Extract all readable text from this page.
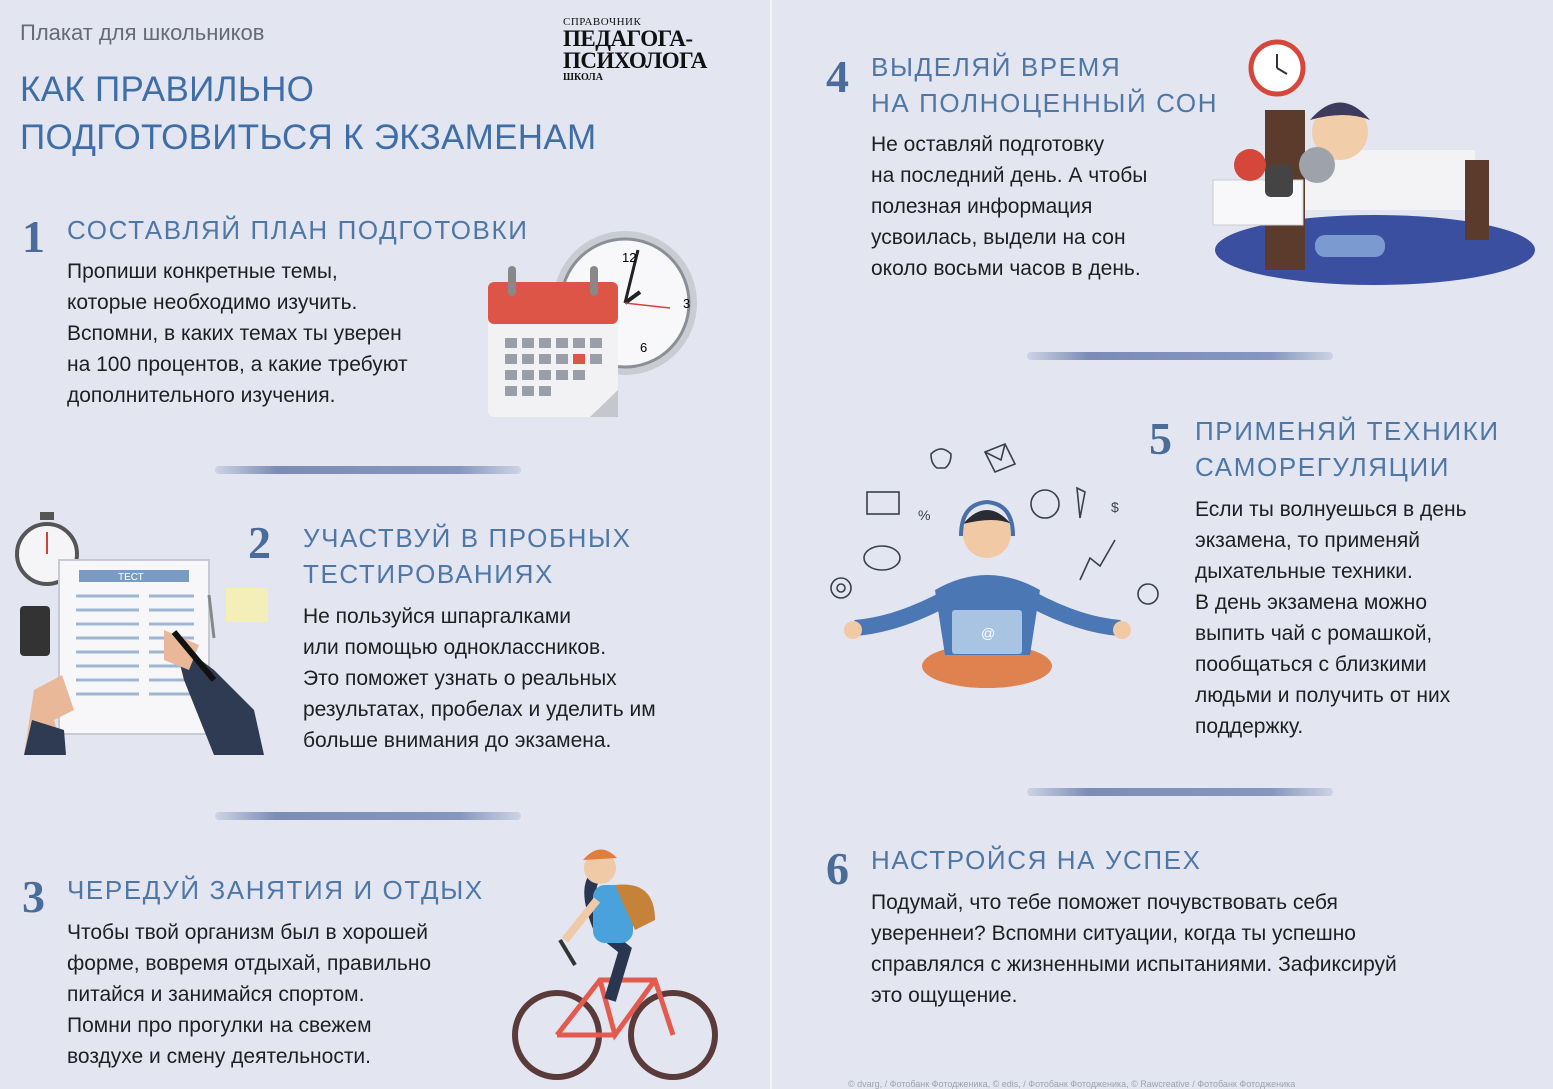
Плакат для школьников
КАК ПРАВИЛЬНО
ПОДГОТОВИТЬСЯ К ЭКЗАМЕНАМ
СПРАВОЧНИК
ПЕДАГОГА-
ПСИХОЛОГА
ШКОЛА
1 СОСТАВЛЯЙ ПЛАН ПОДГОТОВКИ
Пропиши конкретные темы,
которые необходимо изучить.
Вспомни, в каких темах ты уверен
на 100 процентов, а какие требуют
дополнительного изучения.
12
3
6
2 УЧАСТВУЙ В ПРОБНЫХ
ТЕСТИРОВАНИЯХ
Не пользуйся шпаргалками
или помощью одноклассников.
Это поможет узнать о реальных
результатах, пробелах и уделить им
больше внимания до экзамена.
ТЕСТ
3 ЧЕРЕДУЙ ЗАНЯТИЯ И ОТДЫХ
Чтобы твой организм был в хорошей
форме, вовремя отдыхай, правильно
питайся и занимайся спортом.
Помни про прогулки на свежем
воздухе и смену деятельности.
4 ВЫДЕЛЯЙ ВРЕМЯ
НА ПОЛНОЦЕННЫЙ СОН
Не оставляй подготовку
на последний день. А чтобы
полезная информация
усвоилась, выдели на сон
около восьми часов в день.
5 ПРИМЕНЯЙ ТЕХНИКИ
САМОРЕГУЛЯЦИИ
Если ты волнуешься в день
экзамена, то применяй
дыхательные техники.
В день экзамена можно
выпить чай с ромашкой,
пообщаться с близкими
людьми и получить от них
поддержку.
%	$
@
6 НАСТРОЙСЯ НА УСПЕХ
Подумай, что тебе поможет почувствовать себя
увереннеи? Вспомни ситуации, когда ты успешно
справлялся с жизненными испытаниями. Зафиксируй
это ощущение.
© dvarg, / Фотобанк Фотодженика, © edis, / Фотобанк Фотодженика, © Rawcreative / Фотобанк Фотодженика
